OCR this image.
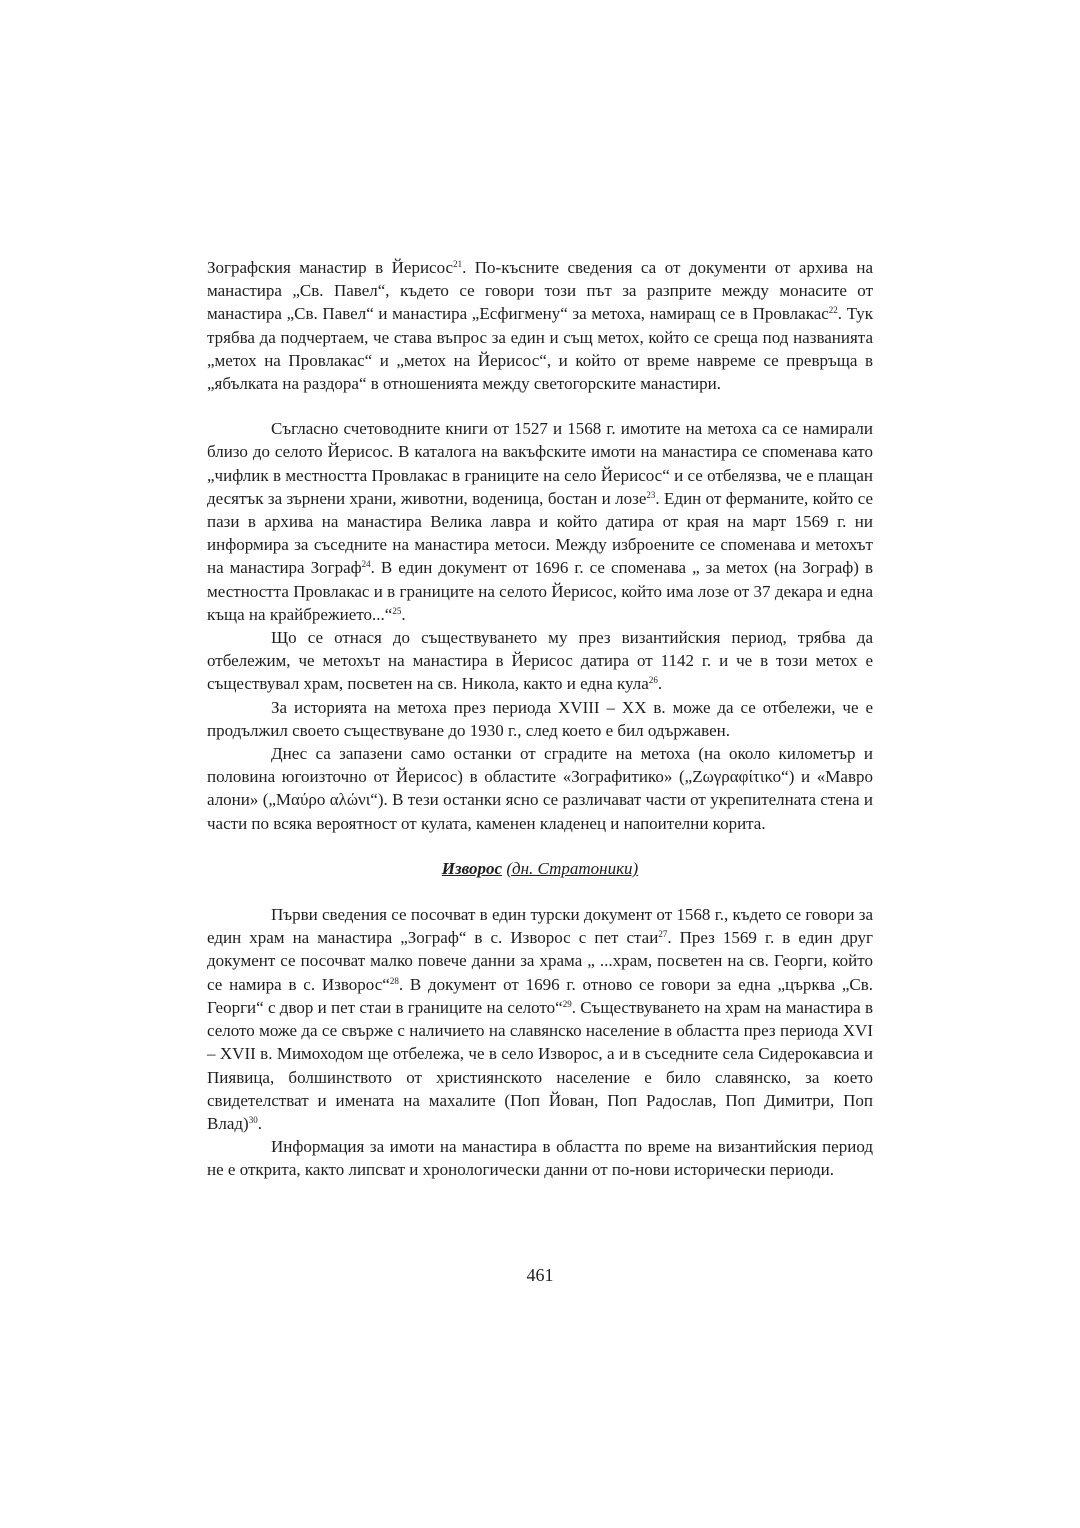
Зографския манастир в Йерисос$^{21}$. По-късните сведения са от документи от архива на манастира „Св. Павел“, където се говори този път за разприте между монасите от манастира „Св. Павел“ и манастира „Есфигмену“ за метоха, намиращ се в Провлакас$^{22}$. Тук трябва да подчертаем, че става въпрос за един и същ метох, който се среща под названията „метох на Провлакас“ и „метох на Йерисос“, и който от време навреме се превръща в „ябълката на раздора“ в отношенията между светогорските манастири.

Съгласно счетоводните книги от 1527 и 1568 г. имотите на метоха са се намирали близо до селото Йерисос. В каталога на вакъфските имоти на манастира се споменава като „чифлик в местността Провлакас в границите на село Йерисос“ и се отбелязва, че е плащан десятък за зърнени храни, животни, воденица, бостан и лозе$^{23}$. Един от ферманите, който се пази в архива на манастира Велика лавра и който датира от края на март 1569 г. ни информира за съседните на манастира метоси. Между изброените се споменава и метохът на манастира Зограф$^{24}$. В един документ от 1696 г. се споменава „ за метох (на Зограф) в местността Провлакас и в границите на селото Йерисос, който има лозе от 37 декара и една къща на крайбрежието...“$^{25}$.

Що се отнася до съществуването му през византийския период, трябва да отбележим, че метохът на манастира в Йерисос датира от 1142 г. и че в този метох е съществувал храм, посветен на св. Никола, както и една кула$^{26}$.

За историята на метоха през периода XVIII – XX в. може да се отбележи, че е продължил своето съществуване до 1930 г., след което е бил одържавен.

Днес са запазени само останки от сградите на метоха (на около километър и половина югоизточно от Йерисос) в областите «Зографитико» („Ζωγραφίτικο“) и «Мавро алони» („Μαύρο αλώνι“). В тези останки ясно се различават части от укрепителната стена и части по всяка вероятност от кулата, каменен кладенец и напоителни корита.

Изворос (дн. Стратоники)

Първи сведения се посочват в един турски документ от 1568 г., където се говори за един храм на манастира „Зограф“ в с. Изворос с пет стаи$^{27}$. През 1569 г. в един друг документ се посочват малко повече данни за храма „ ...храм, посветен на св. Георги, който се намира в с. Изворос“$^{28}$. В документ от 1696 г. отново се говори за една „църква „Св. Георги“ с двор и пет стаи в границите на селото“$^{29}$. Съществуването на храм на манастира в селото може да се свърже с наличието на славянско население в областта през периода XVI – XVII в. Мимоходом ще отбележа, че в село Изворос, а и в съседните села Сидерокавсиа и Пиявица, болшинството от християнското население е било славянско, за което свидетелстват и имената на махалите (Поп Йован, Поп Радослав, Поп Димитри, Поп Влад)$^{30}$.

Информация за имоти на манастира в областта по време на византийския период не е открита, както липсват и хронологически данни от по-нови исторически периоди.

461
